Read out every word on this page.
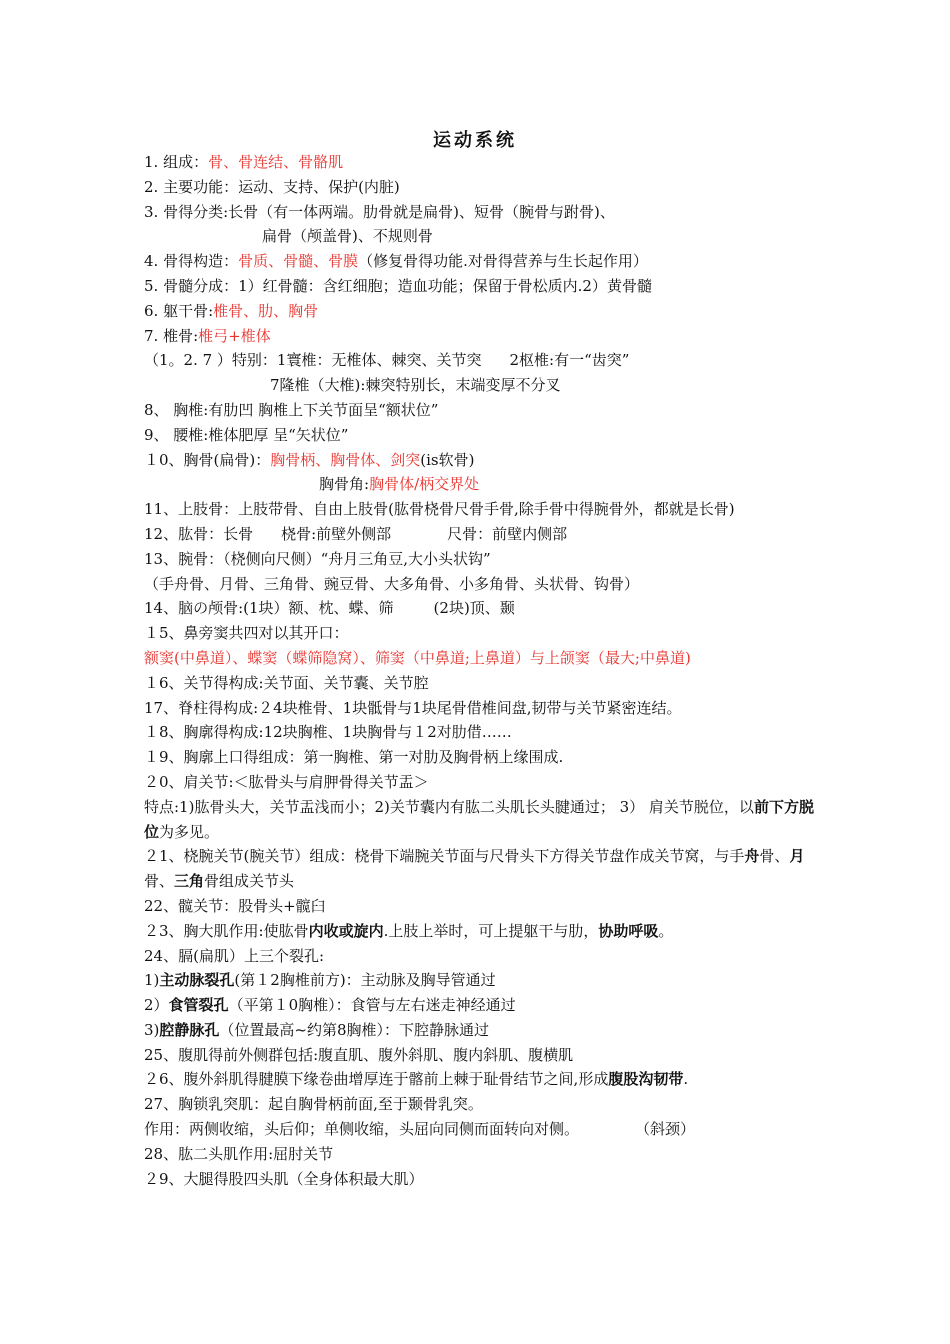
运动系统
1. 组成：骨、骨连结、骨骼肌
2. 主要功能：运动、支持、保护(内脏)
3. 骨得分类:长骨（有一体两端。肋骨就是扁骨)、短骨（腕骨与跗骨)、
扁骨（颅盖骨)、不规则骨
4. 骨得构造：骨质、骨髓、骨膜（修复骨得功能.对骨得营养与生长起作用）
5. 骨髓分成：1）红骨髓：含红细胞；造血功能；保留于骨松质内.2）黄骨髓
6. 躯干骨:椎骨、肋、胸骨
7. 椎骨:椎弓+椎体
（1。2. 7 ）特别：1寰椎：无椎体、棘突、关节突 2枢椎:有一“齿突”
7隆椎（大椎):棘突特别长，末端变厚不分叉
8、 胸椎:有肋凹 胸椎上下关节面呈“额状位”
9、 腰椎:椎体肥厚 呈“矢状位”
１0、胸骨(扁骨)：胸骨柄、胸骨体、剑突(is软骨)
胸骨角:胸骨体/柄交界处
11、上肢骨：上肢带骨、自由上肢骨(肱骨桡骨尺骨手骨,除手骨中得腕骨外，都就是长骨)
12、肱骨：长骨 桡骨:前壁外侧部	尺骨：前壁内侧部
13、腕骨：（桡侧向尺侧）“舟月三角豆,大小头状钩”
（手舟骨、月骨、三角骨、豌豆骨、大多角骨、小多角骨、头状骨、钩骨）
14、脑の颅骨:(1块）额、枕、蝶、筛	(2块)顶、颞
１5、鼻旁窦共四对以其开口：
额窦(中鼻道）、蝶窦（蝶筛隐窝）、筛窦（中鼻道;上鼻道）与上颌窦（最大;中鼻道)
１6、关节得构成:关节面、关节囊、关节腔
17、脊柱得构成:２4块椎骨、1块骶骨与1块尾骨借椎间盘,韧带与关节紧密连结。
１8、胸廓得构成:12块胸椎、1块胸骨与１2对肋借……
１9、胸廓上口得组成：第一胸椎、第一对肋及胸骨柄上缘围成.
２0、肩关节:＜肱骨头与肩胛骨得关节盂＞
特点:1)肱骨头大，关节盂浅而小；2)关节囊内有肱二头肌长头腱通过； 3） 肩关节脱位，以前下方脱位为多见。
２1、桡腕关节(腕关节）组成：桡骨下端腕关节面与尺骨头下方得关节盘作成关节窝，与手舟骨、月骨、三角骨组成关节头
22、髋关节：股骨头+髋臼
２3、胸大肌作用:使肱骨内收或旋内.上肢上举时，可上提躯干与肋，协助呼吸。
24、膈(扁肌）上三个裂孔:
1)主动脉裂孔(第１2胸椎前方)：主动脉及胸导管通过
2）食管裂孔（平第１0胸椎）：食管与左右迷走神经通过
3)腔静脉孔（位置最高~约第8胸椎）：下腔静脉通过
25、腹肌得前外侧群包括:腹直肌、腹外斜肌、腹内斜肌、腹横肌
２6、腹外斜肌得腱膜下缘卷曲增厚连于髂前上棘于耻骨结节之间,形成腹股沟韧带.
27、胸锁乳突肌：起自胸骨柄前面,至于颞骨乳突。
作用：两侧收缩，头后仰；单侧收缩，头屈向同侧而面转向对侧。	（斜颈）
28、肱二头肌作用:屈肘关节
２9、大腿得股四头肌（全身体积最大肌）
